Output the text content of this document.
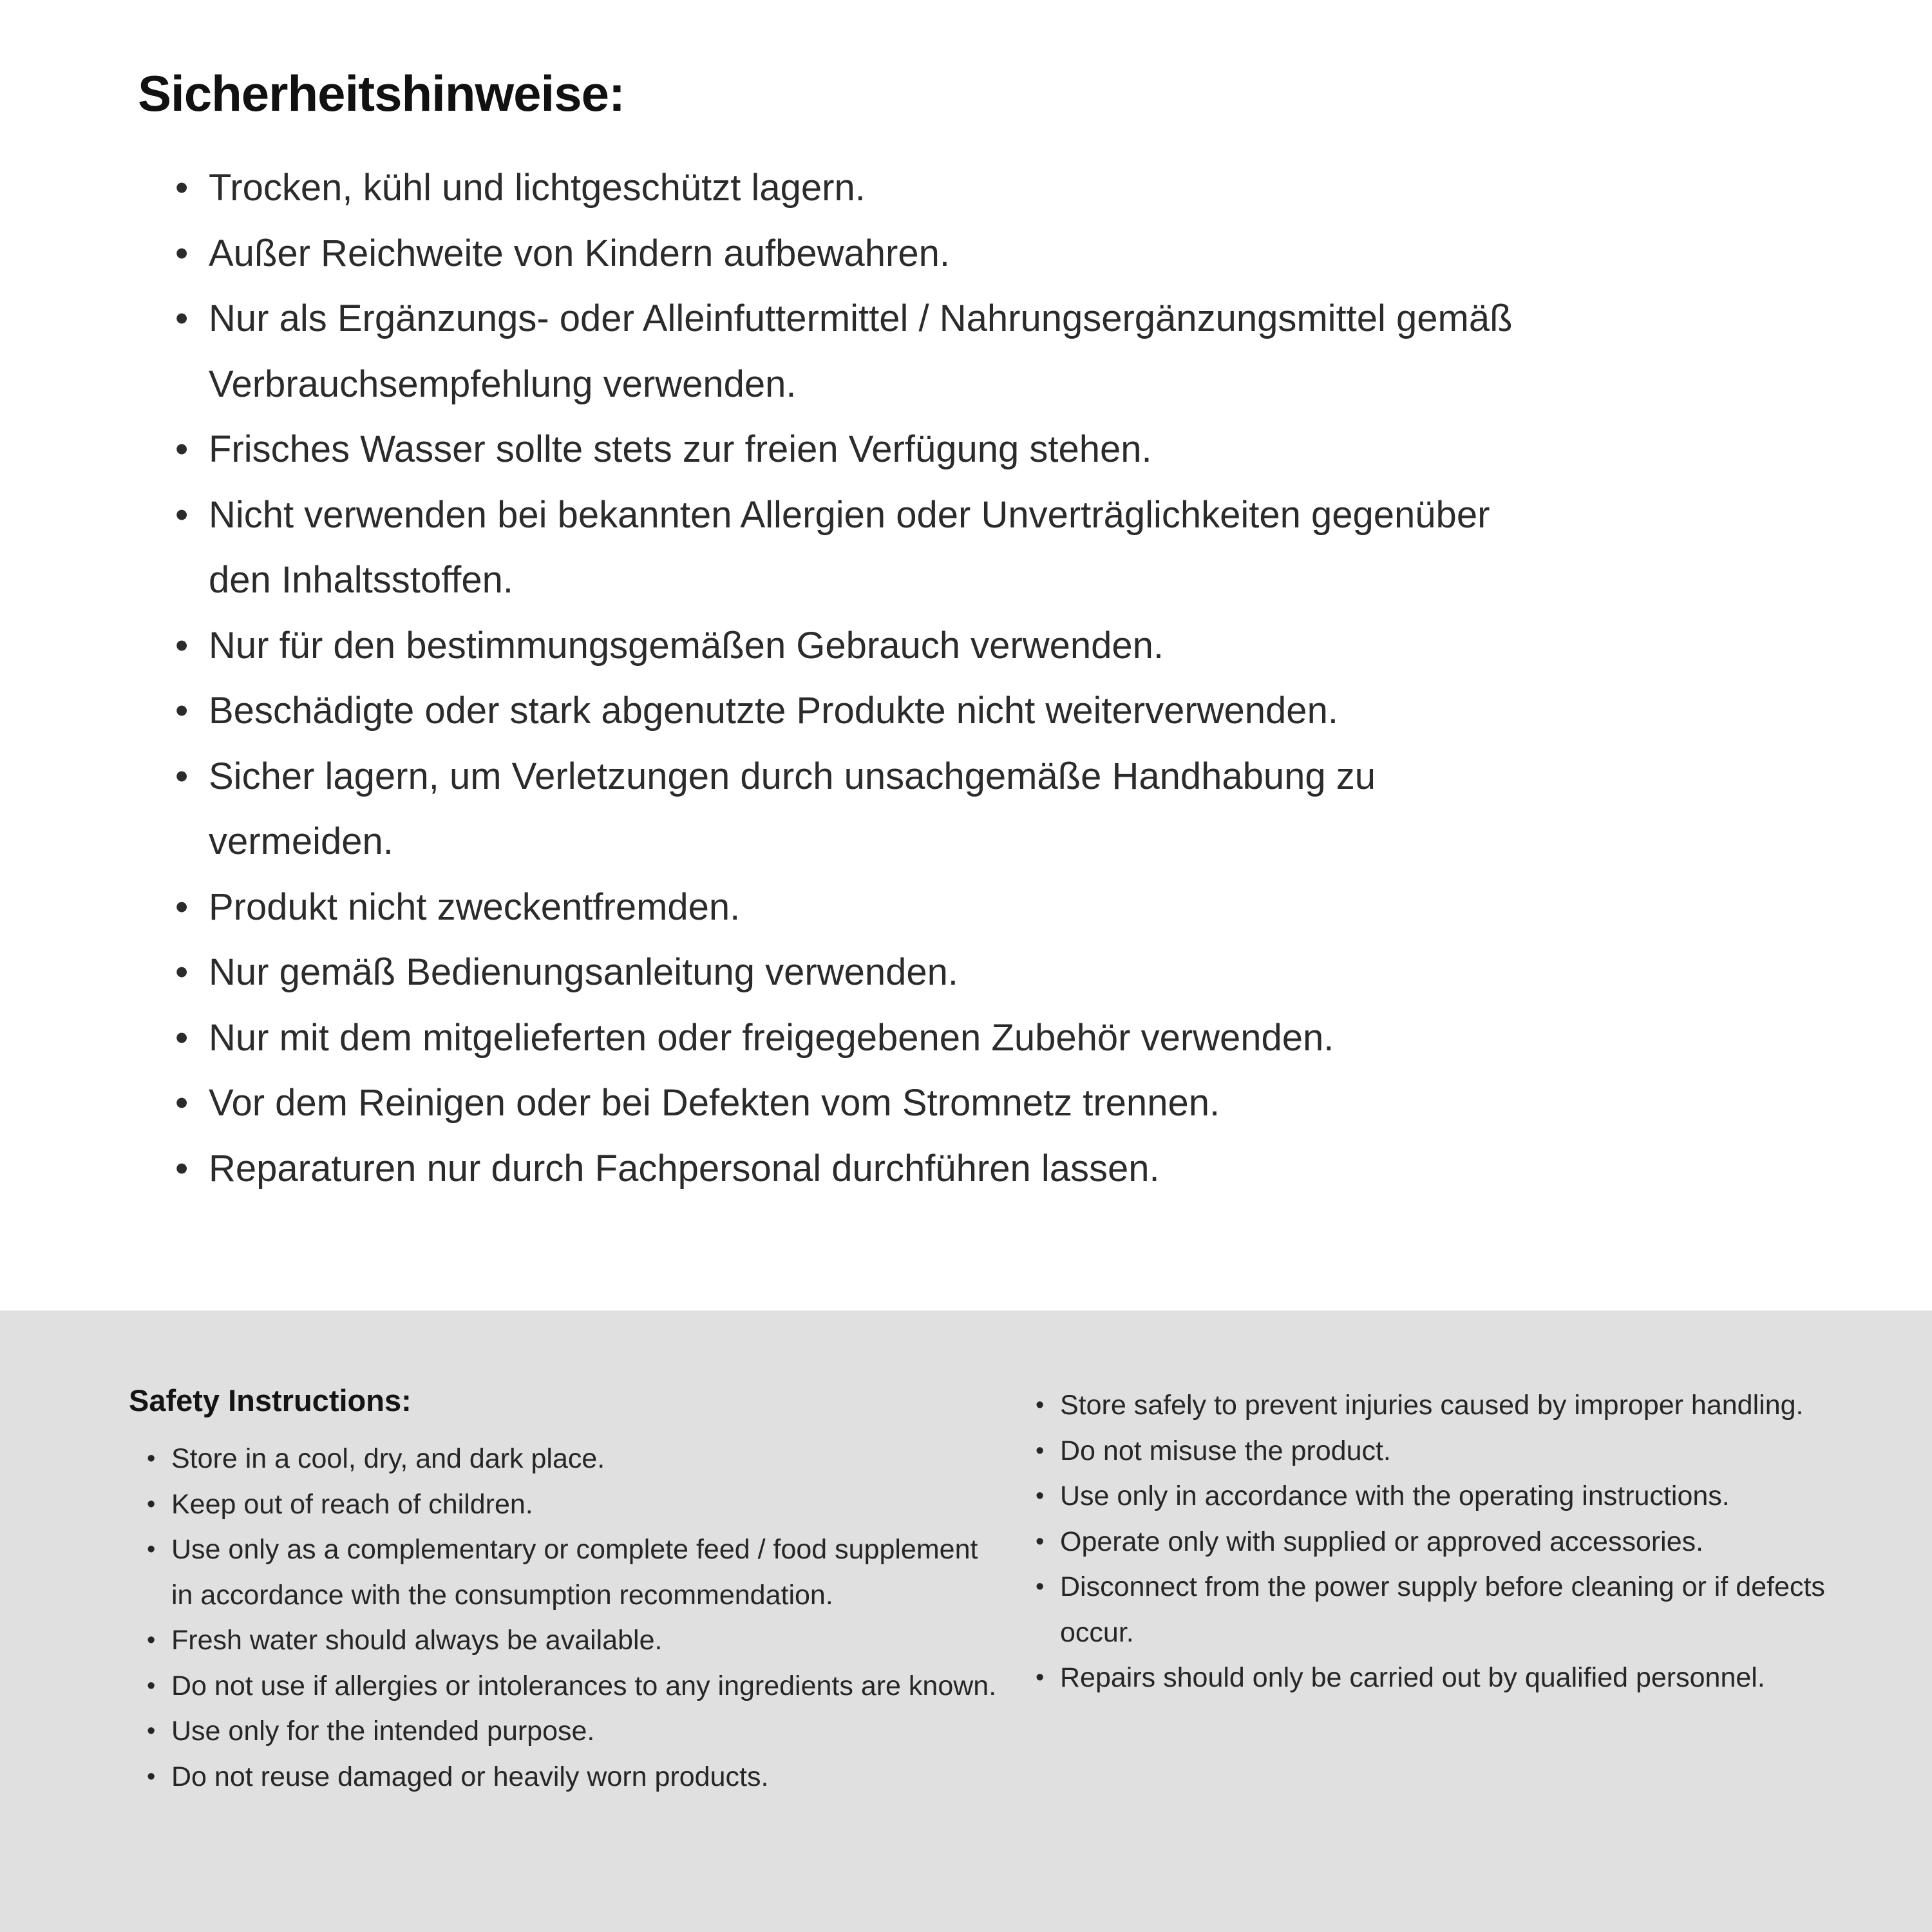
Sicherheitshinweise:
• Trocken, kühl und lichtgeschützt lagern.
• Außer Reichweite von Kindern aufbewahren.
• Nur als Ergänzungs- oder Alleinfuttermittel / Nahrungsergänzungsmittel gemäß Verbrauchsempfehlung verwenden.
• Frisches Wasser sollte stets zur freien Verfügung stehen.
• Nicht verwenden bei bekannten Allergien oder Unverträglichkeiten gegenüber den Inhaltsstoffen.
• Nur für den bestimmungsgemäßen Gebrauch verwenden.
• Beschädigte oder stark abgenutzte Produkte nicht weiterverwenden.
• Sicher lagern, um Verletzungen durch unsachgemäße Handhabung zu vermeiden.
• Produkt nicht zweckentfremden.
• Nur gemäß Bedienungsanleitung verwenden.
• Nur mit dem mitgelieferten oder freigegebenen Zubehör verwenden.
• Vor dem Reinigen oder bei Defekten vom Stromnetz trennen.
• Reparaturen nur durch Fachpersonal durchführen lassen.
Safety Instructions:
• Store in a cool, dry, and dark place.
• Keep out of reach of children.
• Use only as a complementary or complete feed / food supplement in accordance with the consumption recommendation.
• Fresh water should always be available.
• Do not use if allergies or intolerances to any ingredients are known.
• Use only for the intended purpose.
• Do not reuse damaged or heavily worn products.
• Store safely to prevent injuries caused by improper handling.
• Do not misuse the product.
• Use only in accordance with the operating instructions.
• Operate only with supplied or approved accessories.
• Disconnect from the power supply before cleaning or if defects occur.
• Repairs should only be carried out by qualified personnel.
